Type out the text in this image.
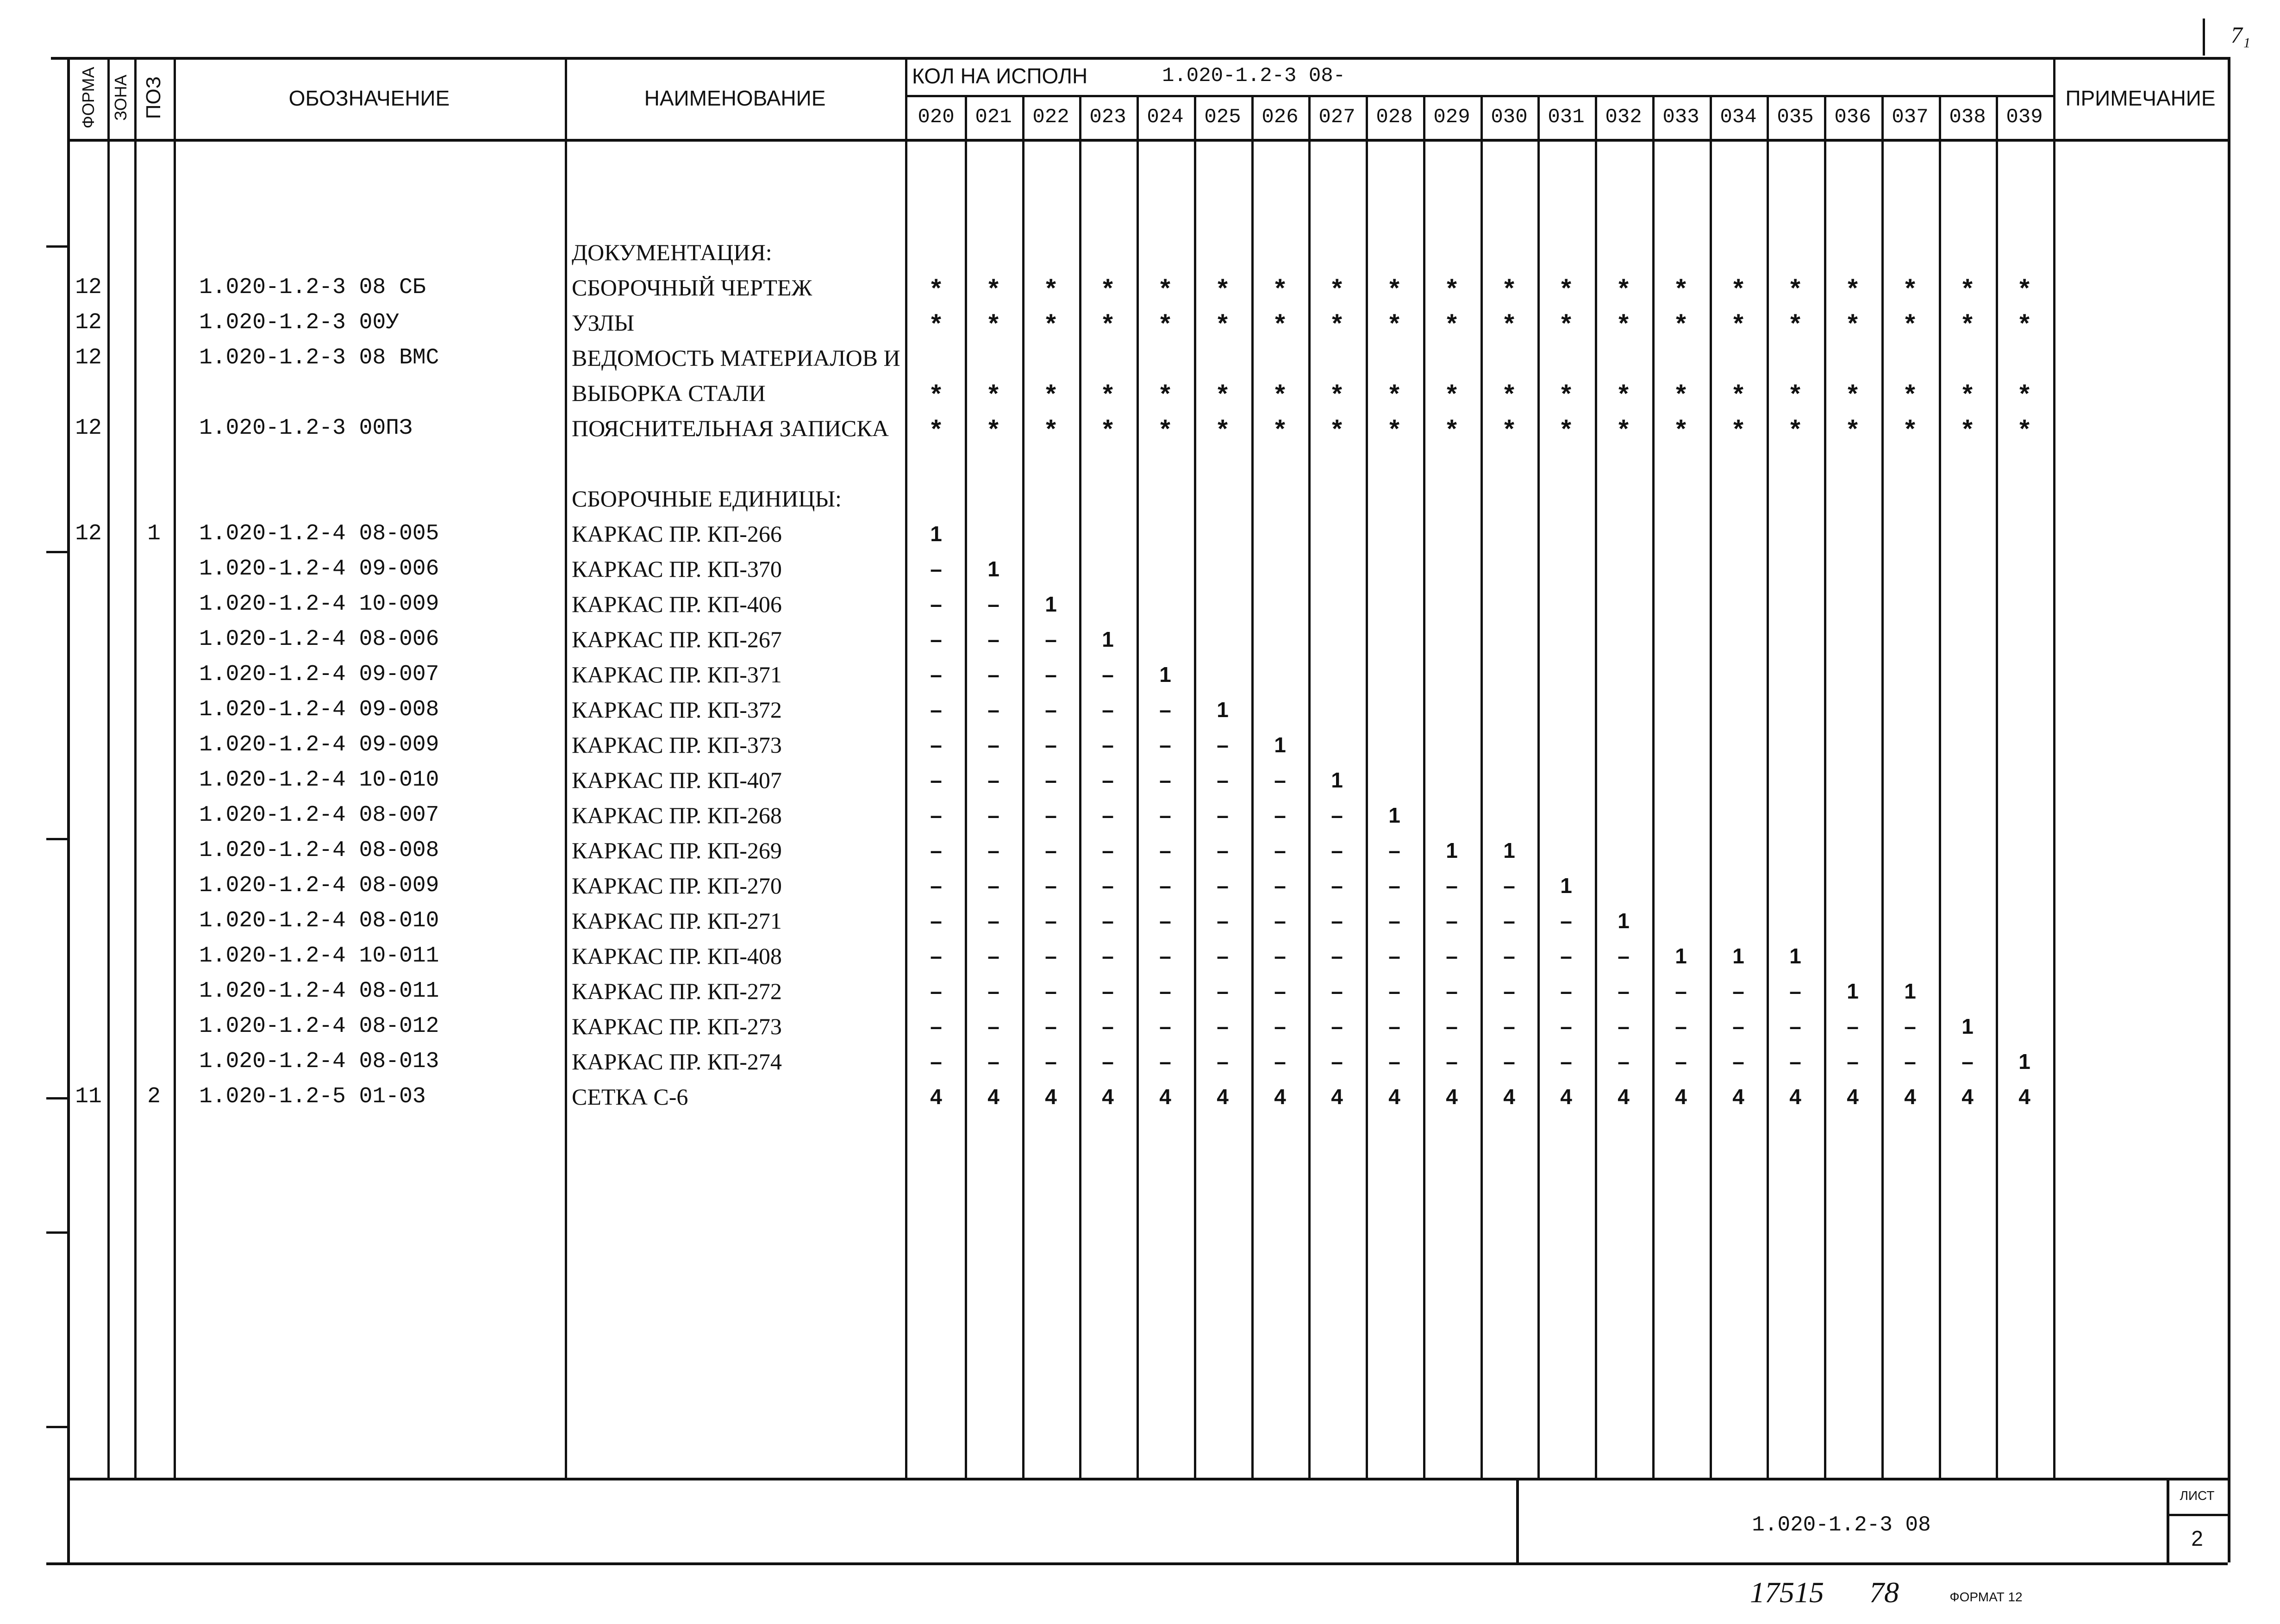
ФОРМА ЗОНА ПОЗ	ОБОЗНАЧЕНИЕ	НАИМЕНОВАНИЕ
КОЛ НА ИСПОЛН	1.020-1.2-3 08-
ПРИМЕЧАНИЕ
020	021	022 023	024	025	026 027	028	029	030 031	032	033	034 035	036	037	038 039
ДОКУМЕНТАЦИЯ:
12	1.020-1.2-3 08 СБ	СБОРОЧНЫЙ ЧЕРТЕЖ	*	*	*	*	*	*	*	*	*	*	*	*	*	*	*	*	*	*	*	*
12	1.020-1.2-3 00У	УЗЛЫ	*	*	*	*	*	*	*	*	*	*	*	*	*	*	*	*	*	*	*	*
12	1.020-1.2-3 08 ВМС	ВЕДОМОСТЬ МАТЕРИАЛОВ И
ВЫБОРКА СТАЛИ	*	*	*	*	*	*	*	*	*	*	*	*	*	*	*	*	*	*	*	*
12	1.020-1.2-3 00ПЗ	ПОЯСНИТЕЛЬНАЯ ЗАПИСКА	*	*	*	*	*	*	*	*	*	*	*	*	*	*	*	*	*	*	*	*
СБОРОЧНЫЕ ЕДИНИЦЫ:
12	1	1.020-1.2-4 08-005	КАРКАС ПР. КП-266	1
1.020-1.2-4 09-006	КАРКАС ПР. КП-370	–	1
1.020-1.2-4 10-009	КАРКАС ПР. КП-406	–	–	1
1.020-1.2-4 08-006	КАРКАС ПР. КП-267	–	–	–	1
1.020-1.2-4 09-007	КАРКАС ПР. КП-371	–	–	–	–	1
1.020-1.2-4 09-008	КАРКАС ПР. КП-372	–	–	–	–	–	1
1.020-1.2-4 09-009	КАРКАС ПР. КП-373	–	–	–	–	–	–	1
1.020-1.2-4 10-010	КАРКАС ПР. КП-407	–	–	–	–	–	–	–	1
1.020-1.2-4 08-007	КАРКАС ПР. КП-268	–	–	–	–	–	–	–	–	1
1.020-1.2-4 08-008	КАРКАС ПР. КП-269	–	–	–	–	–	–	–	–	–	1	1
1.020-1.2-4 08-009	КАРКАС ПР. КП-270	–	–	–	–	–	–	–	–	–	–	–	1
1.020-1.2-4 08-010	КАРКАС ПР. КП-271	–	–	–	–	–	–	–	–	–	–	–	–	1
1.020-1.2-4 10-011	КАРКАС ПР. КП-408	–	–	–	–	–	–	–	–	–	–	–	–	–	1	1	1
1.020-1.2-4 08-011	КАРКАС ПР. КП-272	–	–	–	–	–	–	–	–	–	–	–	–	–	–	–	–	1	1
1.020-1.2-4 08-012	КАРКАС ПР. КП-273	–	–	–	–	–	–	–	–	–	–	–	–	–	–	–	–	–	–	1
1.020-1.2-4 08-013	КАРКАС ПР. КП-274	–	–	–	–	–	–	–	–	–	–	–	–	–	–	–	–	–	–	–	1
11	2	1.020-1.2-5 01-03	СЕТКА С-6	4	4	4	4	4	4	4	4	4	4	4	4	4	4	4	4	4	4	4	4
1.020-1.2-3 08
ЛИСТ
2
17515	78	ФОРМАТ 12
7₁
